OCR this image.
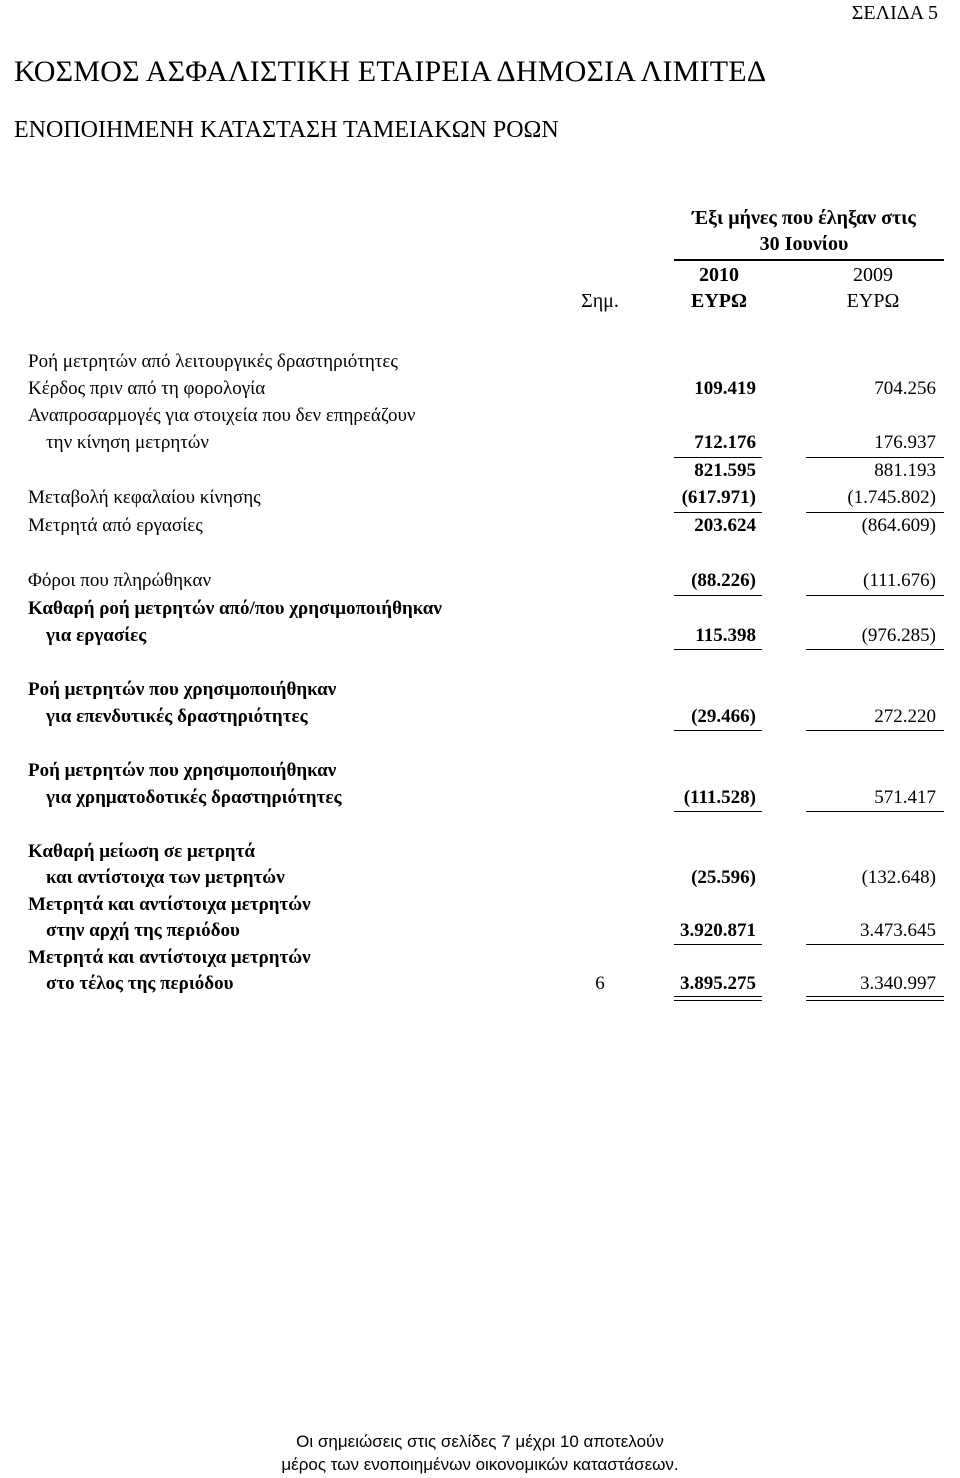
ΣΕΛΙΔΑ 5
ΚΟΣΜΟΣ ΑΣΦΑΛΙΣΤΙΚΗ ΕΤΑΙΡΕΙΑ ΔΗΜΟΣΙΑ ΛΙΜΙΤΕΔ
ΕΝΟΠΟΙΗΜΕΝΗ ΚΑΤΑΣΤΑΣΗ ΤΑΜΕΙΑΚΩΝ ΡΟΩΝ
Έξι μήνες που έληξαν στις
30 Ιουνίου
2010	2009
Σημ.	ΕΥΡΩ	ΕΥΡΩ
Ροή μετρητών από λειτουργικές δραστηριότητες
Κέρδος πριν από τη φορολογία	109.419	704.256
Αναπροσαρμογές για στοιχεία που δεν επηρεάζουν
την κίνηση μετρητών	712.176	176.937
821.595	881.193
Μεταβολή κεφαλαίου κίνησης	(617.971)	(1.745.802)
Μετρητά από εργασίες	203.624	(864.609)
Φόροι που πληρώθηκαν	(88.226)	(111.676)
Καθαρή ροή μετρητών από/που χρησιμοποιήθηκαν
για εργασίες	115.398	(976.285)
Ροή μετρητών που χρησιμοποιήθηκαν
για επενδυτικές δραστηριότητες	(29.466)	272.220
Ροή μετρητών που χρησιμοποιήθηκαν
για χρηματοδοτικές δραστηριότητες	(111.528)	571.417
Καθαρή μείωση σε μετρητά
και αντίστοιχα των μετρητών	(25.596)	(132.648)
Μετρητά και αντίστοιχα μετρητών
στην αρχή της περιόδου	3.920.871	3.473.645
Μετρητά και αντίστοιχα μετρητών
στο τέλος της περιόδου	6	3.895.275	3.340.997
Οι σημειώσεις στις σελίδες 7 μέχρι 10 αποτελούν
μέρος των ενοποιημένων οικονομικών καταστάσεων.
